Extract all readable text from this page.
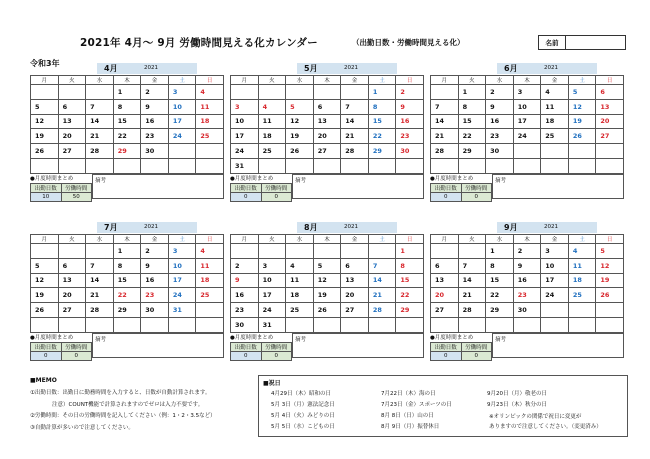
2021年 4月～ 9月 労働時間見える化カレンダー	（出勤日数・労働時間見える化）	名前
令和3年
4月	2021
月	火	水	木	金	土	日
			1	2	3	4
5	6	7	8	9	10	11
12	13	14	15	16	17	18
19	20	21	22	23	24	25
26	27	28	29	30		

●月度時間まとめ
出勤日数	労働時間
10	50
摘考
5月	2021
月	火	水	木	金	土	日
					1	2
3	4	5	6	7	8	9
10	11	12	13	14	15	16
17	18	19	20	21	22	23
24	25	26	27	28	29	30
31						
●月度時間まとめ
出勤日数	労働時間
0	0
摘考
6月	2021
月	火	水	木	金	土	日
	1	2	3	4	5	6
7	8	9	10	11	12	13
14	15	16	17	18	19	20
21	22	23	24	25	26	27
28	29	30				

●月度時間まとめ
出勤日数	労働時間
0	0
摘考
7月	2021
月	火	水	木	金	土	日
			1	2	3	4
5	6	7	8	9	10	11
12	13	14	15	16	17	18
19	20	21	22	23	24	25
26	27	28	29	30	31	

●月度時間まとめ
出勤日数	労働時間
0	0
摘考
8月	2021
月	火	水	木	金	土	日
						1
2	3	4	5	6	7	8
9	10	11	12	13	14	15
16	17	18	19	20	21	22
23	24	25	26	27	28	29
30	31					
●月度時間まとめ
出勤日数	労働時間
0	0
摘考
9月	2021
月	火	水	木	金	土	日
		1	2	3	4	5
6	7	8	9	10	11	12
13	14	15	16	17	18	19
20	21	22	23	24	25	26
27	28	29	30			

●月度時間まとめ
出勤日数	労働時間
0	0
摘考
■MEMO
①出勤日数：出勤日に勤務時間を入力すると、日数が自動計算されます。
注意）COUNT機能で計算されますのでゼロは入力不要です。
②労働時間：その日の労働時間を記入してください（例：1・2・3.5など）
③自動計算が多いので注意してください。
■祝日
4月29日（木）昭和の日
5月 3日（月）憲法記念日
5月 4日（火）みどりの日
5月 5日（水）こどもの日
7月22日（木）海の日
7月23日（金）スポーツの日
8月 8日（日）山の日
8月 9日（月）振替休日
9月20日（月）敬老の日
9月23日（木）秋分の日
※オリンピックの関係で祝日に変更が
ありますので注意してください。（変更済み）
